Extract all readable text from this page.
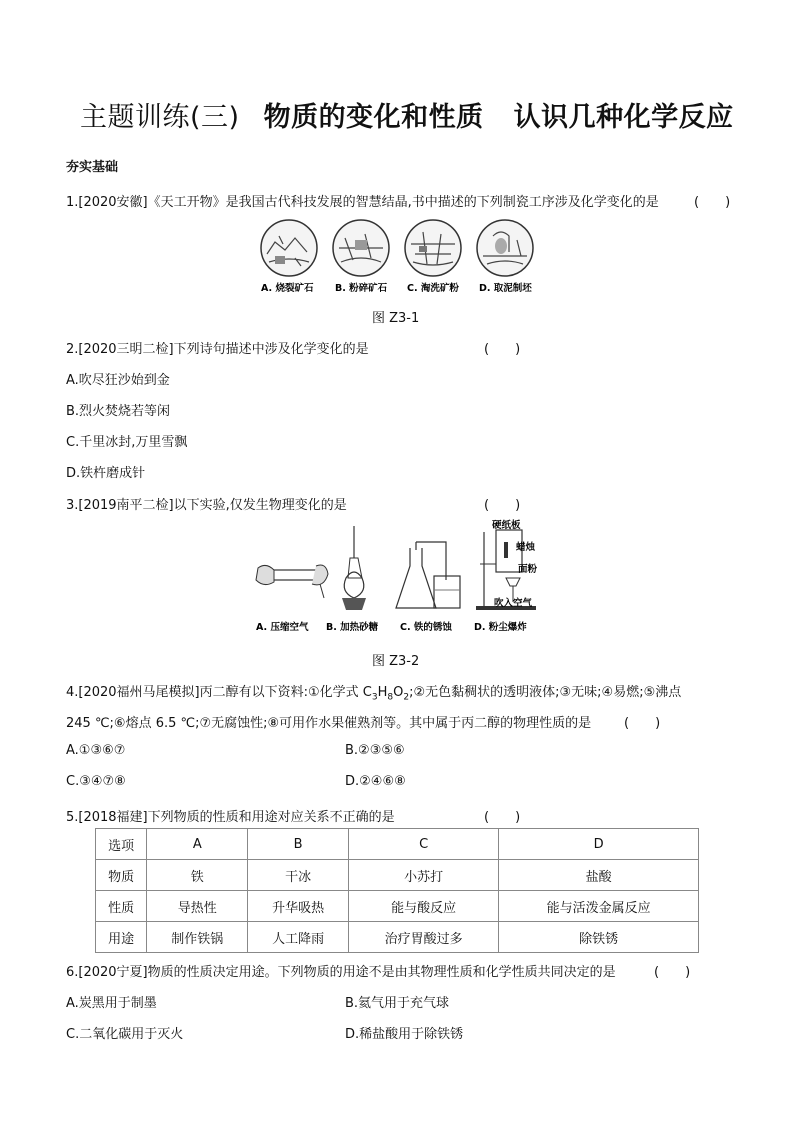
主题训练(三) 物质的变化和性质 认识几种化学反应
夯实基础
1.[2020安徽]《天工开物》是我国古代科技发展的智慧结晶,书中描述的下列制瓷工序涉及化学变化的是	(　　)
A. 烧裂矿石 B. 粉碎矿石 C. 淘洗矿粉 D. 取泥制坯
图 Z3-1
2.[2020三明二检]下列诗句描述中涉及化学变化的是	(　　)
A.吹尽狂沙始到金
B.烈火焚烧若等闲
C.千里冰封,万里雪飘
D.铁杵磨成针
3.[2019南平二检]以下实验,仅发生物理变化的是	(　　)
硬纸板
蜡烛
面粉
吹入空气
A. 压缩空气 B. 加热砂糖 C. 铁的锈蚀 D. 粉尘爆炸
图 Z3-2
4.[2020福州马尾模拟]丙二醇有以下资料:①化学式 $C_3H_8O_2;②$无色黏稠状的透明液体;③无味;④易燃;⑤沸点
245 ℃;⑥熔点 6.5 ℃;⑦无腐蚀性;⑧可用作水果催熟剂等。其中属于丙二醇的物理性质的是	(　　)
A.①③⑥⑦	B.②③⑤⑥
C.③④⑦⑧	D.②④⑥⑧
5.[2018福建]下列物质的性质和用途对应关系不正确的是	(　　)
选项	A	B	C	D
物质	铁	干冰	小苏打	盐酸
性质	导热性	升华吸热	能与酸反应	能与活泼金属反应
用途	制作铁锅	人工降雨	治疗胃酸过多	除铁锈
6.[2020宁夏]物质的性质决定用途。下列物质的用途不是由其物理性质和化学性质共同决定的是	(　　)
A.炭黑用于制墨	B.氦气用于充气球
C.二氧化碳用于灭火	D.稀盐酸用于除铁锈
